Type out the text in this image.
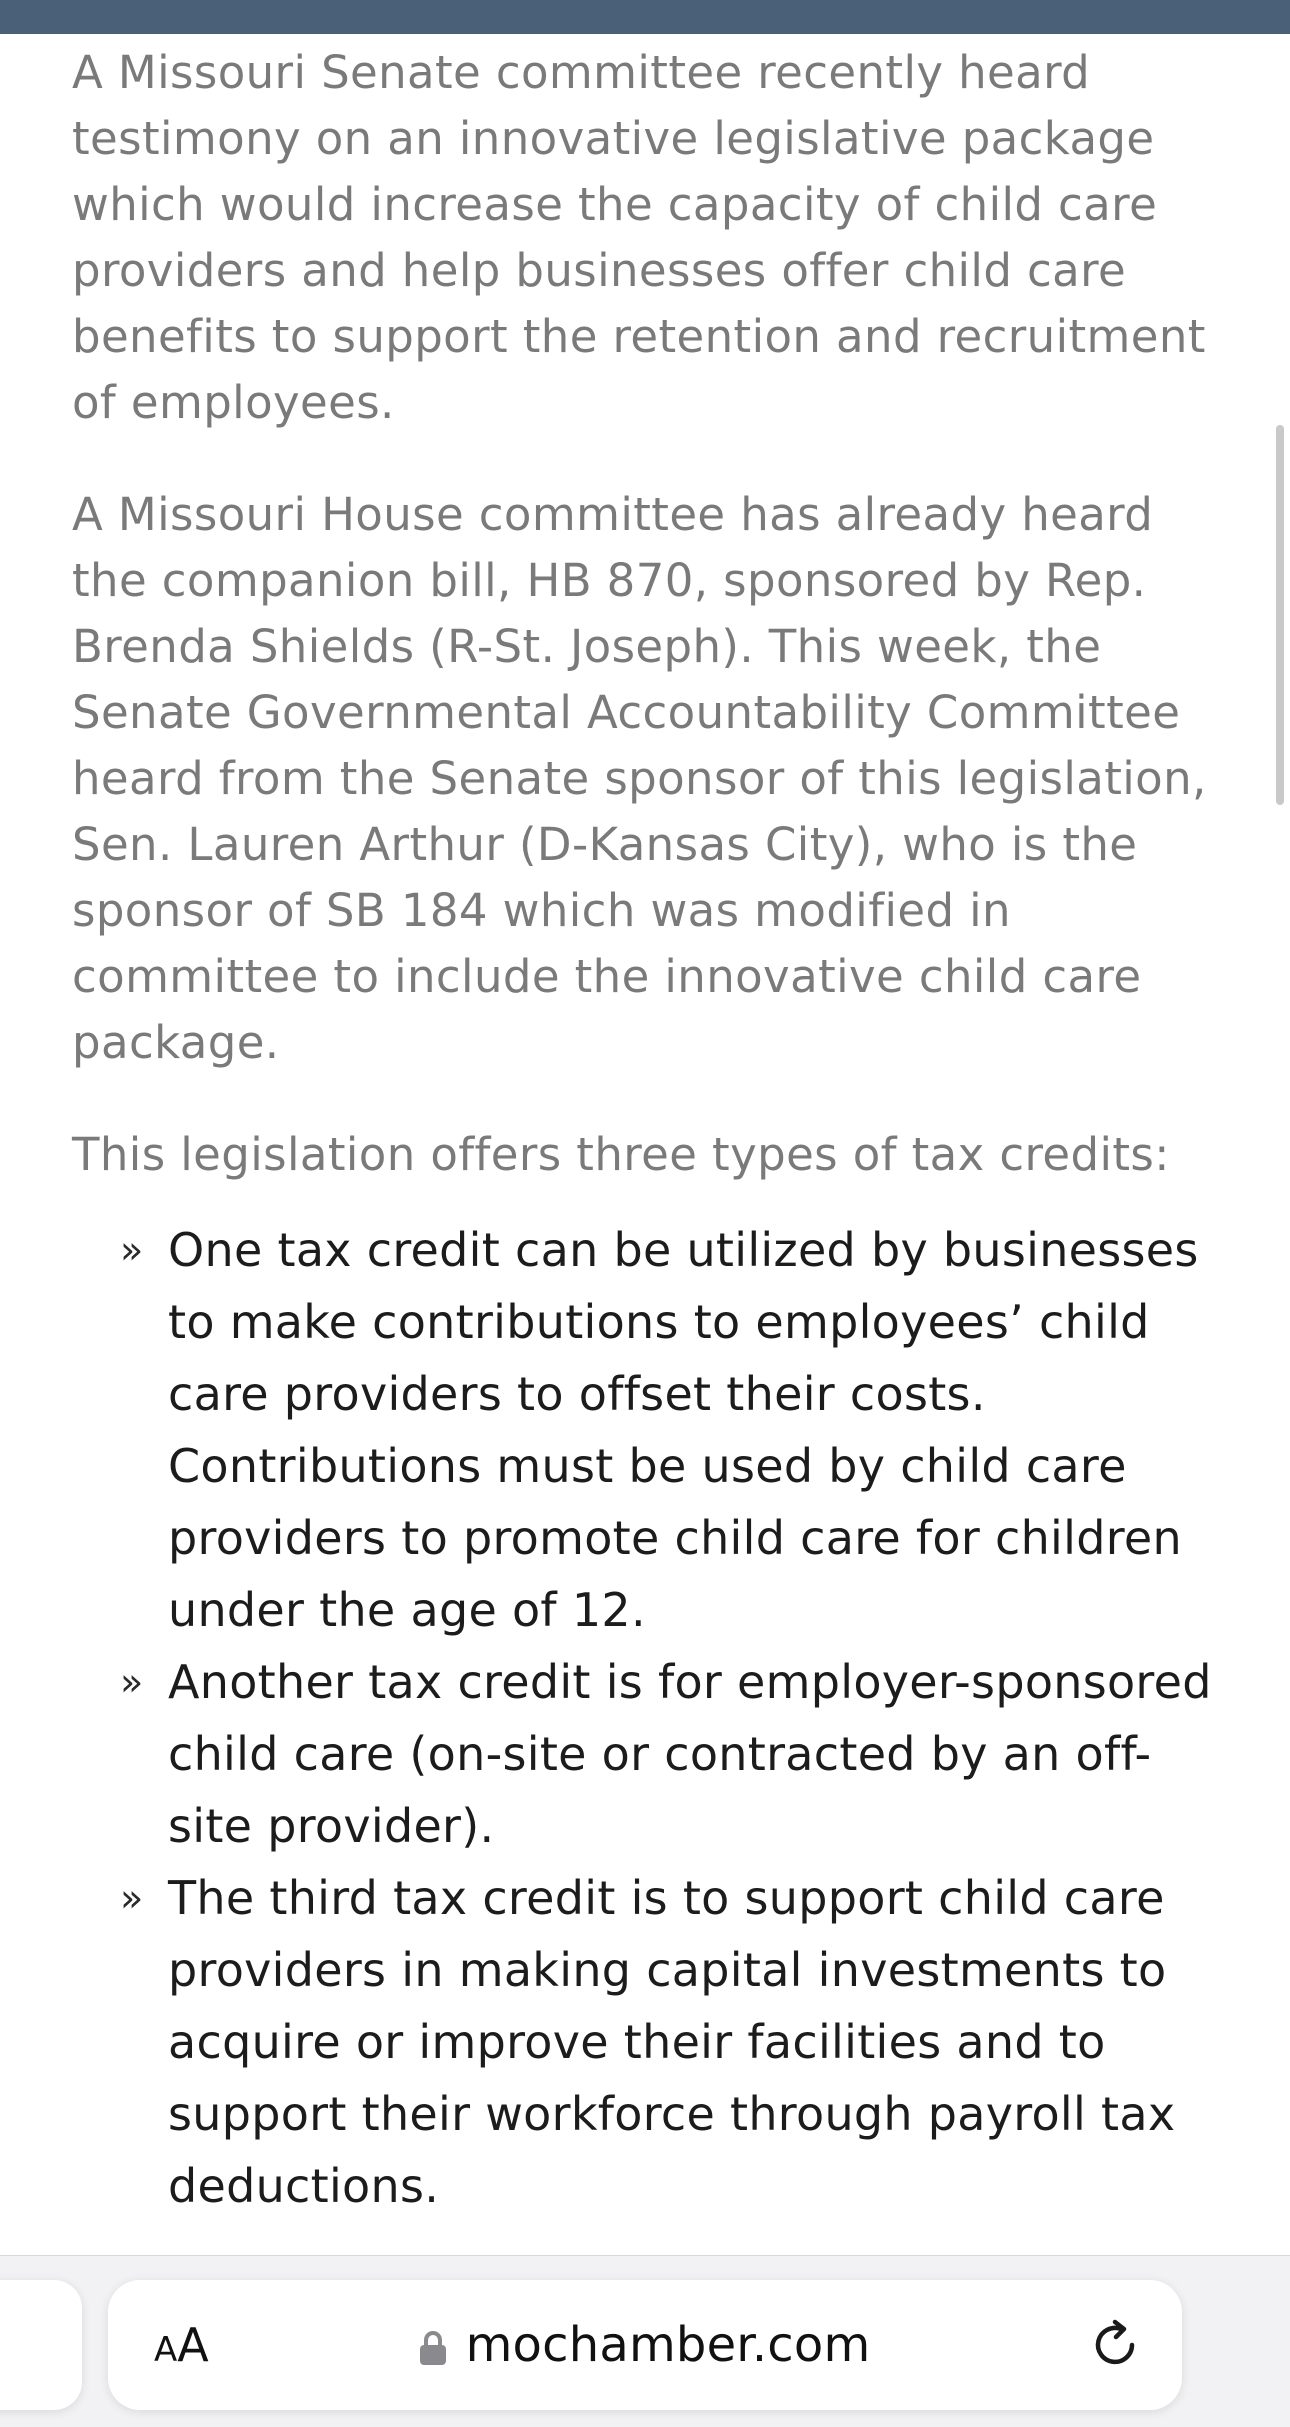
A Missouri Senate committee recently heard testimony on an innovative legislative package which would increase the capacity of child care providers and help businesses offer child care benefits to support the retention and recruitment of employees.

A Missouri House committee has already heard the companion bill, HB 870, sponsored by Rep. Brenda Shields (R-St. Joseph). This week, the Senate Governmental Accountability Committee heard from the Senate sponsor of this legislation, Sen. Lauren Arthur (D-Kansas City), who is the sponsor of SB 184 which was modified in committee to include the innovative child care package.

This legislation offers three types of tax credits:

» One tax credit can be utilized by businesses to make contributions to employees’ child care providers to offset their costs. Contributions must be used by child care providers to promote child care for children under the age of 12.
» Another tax credit is for employer-sponsored child care (on-site or contracted by an off-site provider).
» The third tax credit is to support child care providers in making capital investments to acquire or improve their facilities and to support their workforce through payroll tax deductions.
AA	mochamber.com
